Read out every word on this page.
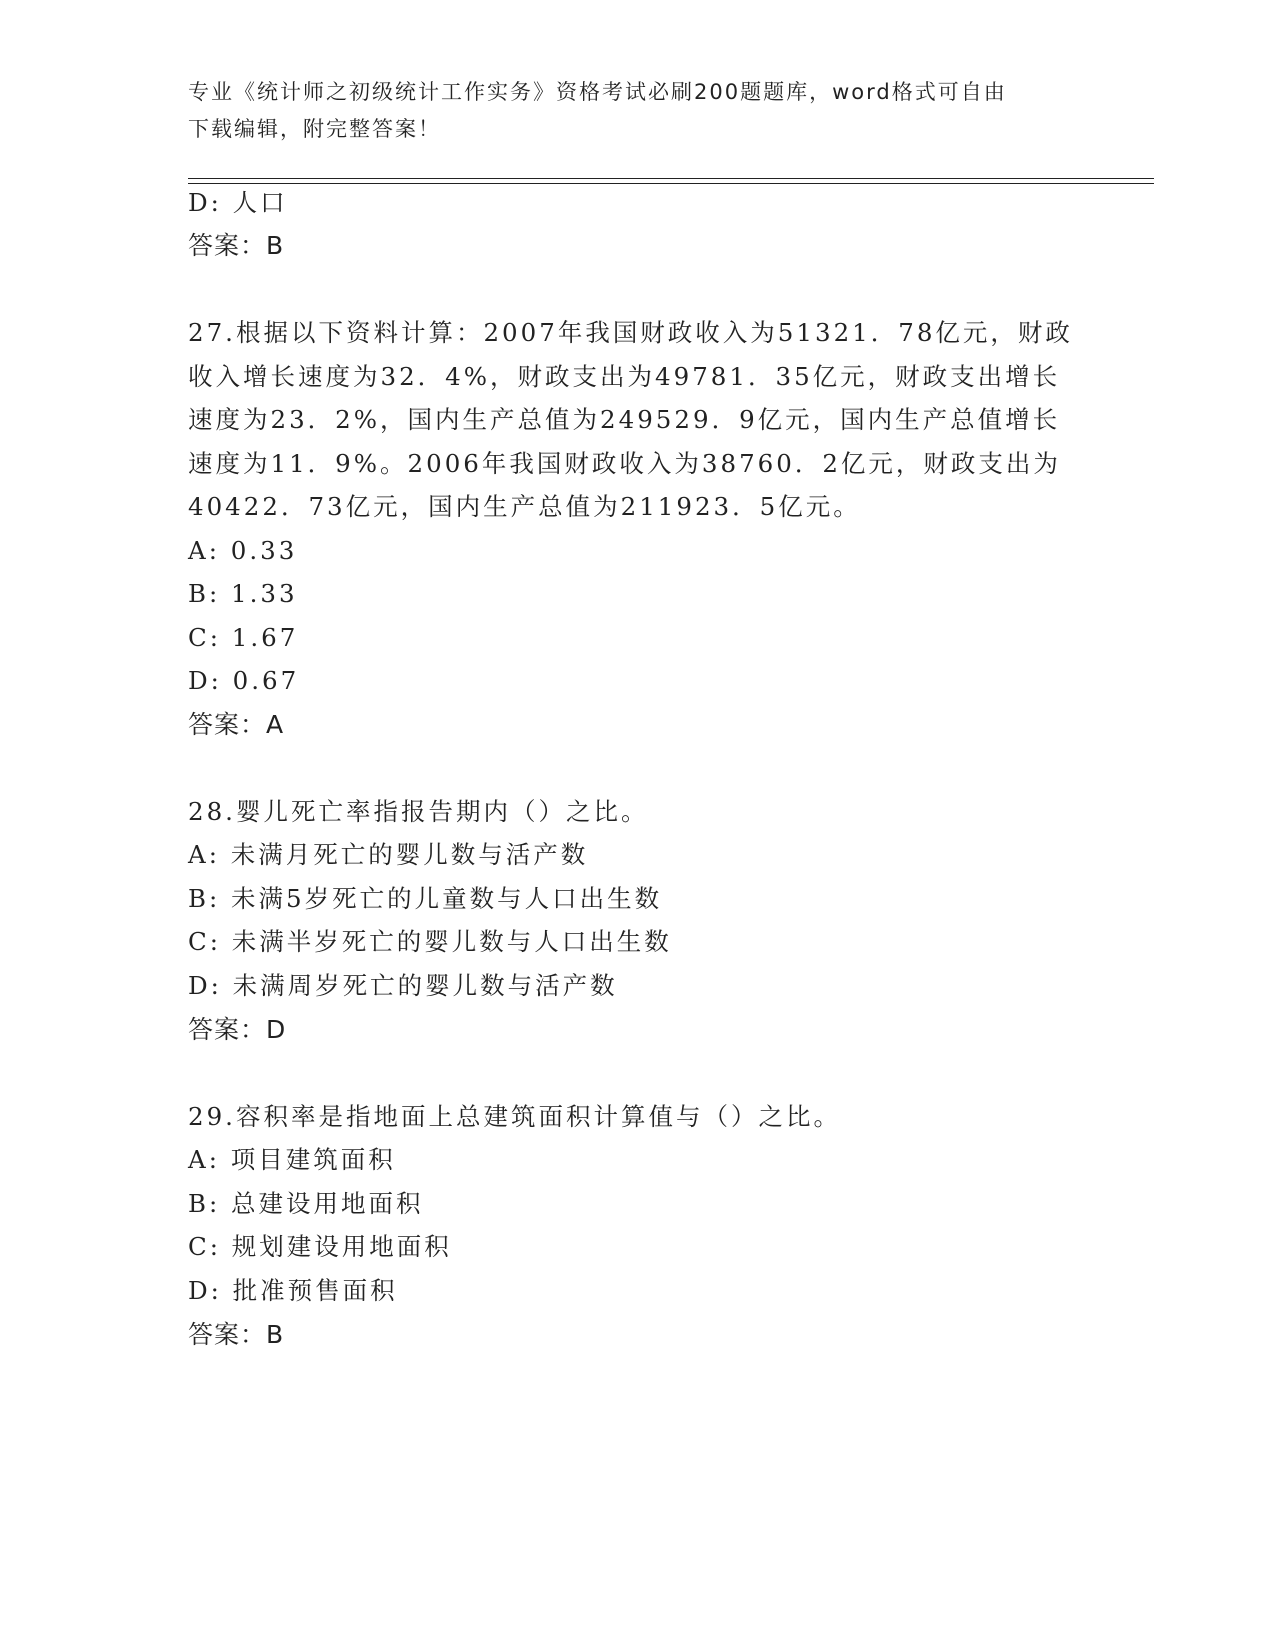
专业《统计师之初级统计工作实务》资格考试必刷200题题库，word格式可自由
下载编辑，附完整答案！
D: 人口
答案：B
27.根据以下资料计算：2007年我国财政收入为51321．78亿元，财政
收入增长速度为32．4%，财政支出为49781．35亿元，财政支出增长
速度为23．2%，国内生产总值为249529．9亿元，国内生产总值增长
速度为11．9%。2006年我国财政收入为38760．2亿元，财政支出为
40422．73亿元，国内生产总值为211923．5亿元。
A: 0.33
B: 1.33
C: 1.67
D: 0.67
答案：A
28.婴儿死亡率指报告期内（）之比。
A: 未满月死亡的婴儿数与活产数
B: 未满5岁死亡的儿童数与人口出生数
C: 未满半岁死亡的婴儿数与人口出生数
D: 未满周岁死亡的婴儿数与活产数
答案：D
29.容积率是指地面上总建筑面积计算值与（）之比。
A: 项目建筑面积
B: 总建设用地面积
C: 规划建设用地面积
D: 批准预售面积
答案：B
